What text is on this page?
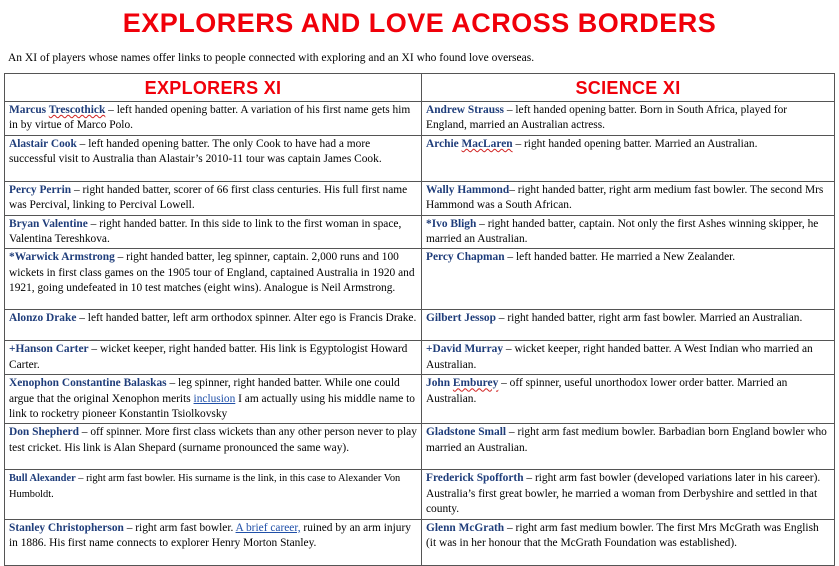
EXPLORERS AND LOVE ACROSS BORDERS
An XI of players whose names offer links to people connected with exploring and an XI who found love overseas.
EXPLORERS XI	SCIENCE XI
Marcus Trescothick – left handed opening batter. A variation of his first name gets him in by virtue of Marco Polo.	Andrew Strauss – left handed opening batter. Born in South Africa, played for England, married an Australian actress.
Alastair Cook – left handed opening batter. The only Cook to have had a more successful visit to Australia than Alastair’s 2010-11 tour was captain James Cook.	Archie MacLaren – right handed opening batter. Married an Australian.
Percy Perrin – right handed batter, scorer of 66 first class centuries. His full first name was Percival, linking to Percival Lowell.	Wally Hammond– right handed batter, right arm medium fast bowler. The second Mrs Hammond was a South African.
Bryan Valentine – right handed batter. In this side to link to the first woman in space, Valentina Tereshkova.	*Ivo Bligh – right handed batter, captain. Not only the first Ashes winning skipper, he married an Australian.
*Warwick Armstrong – right handed batter, leg spinner, captain. 2,000 runs and 100 wickets in first class games on the 1905 tour of England, captained Australia in 1920 and 1921, going undefeated in 10 test matches (eight wins). Analogue is Neil Armstrong.	Percy Chapman – left handed batter. He married a New Zealander.
Alonzo Drake – left handed batter, left arm orthodox spinner. Alter ego is Francis Drake.	Gilbert Jessop – right handed batter, right arm fast bowler. Married an Australian.
+Hanson Carter – wicket keeper, right handed batter. His link is Egyptologist Howard Carter.	+David Murray – wicket keeper, right handed batter. A West Indian who married an Australian.
Xenophon Constantine Balaskas – leg spinner, right handed batter. While one could argue that the original Xenophon merits inclusion I am actually using his middle name to link to rocketry pioneer Konstantin Tsiolkovsky	John Emburey – off spinner, useful unorthodox lower order batter. Married an Australian.
Don Shepherd – off spinner. More first class wickets than any other person never to play test cricket. His link is Alan Shepard (surname pronounced the same way).	Gladstone Small – right arm fast medium bowler. Barbadian born England bowler who married an Australian.
Bull Alexander – right arm fast bowler. His surname is the link, in this case to Alexander Von Humboldt.	Frederick Spofforth – right arm fast bowler (developed variations later in his career). Australia’s first great bowler, he married a woman from Derbyshire and settled in that county.
Stanley Christopherson – right arm fast bowler. A brief career, ruined by an arm injury in 1886. His first name connects to explorer Henry Morton Stanley.	Glenn McGrath – right arm fast medium bowler. The first Mrs McGrath was English (it was in her honour that the McGrath Foundation was established).
